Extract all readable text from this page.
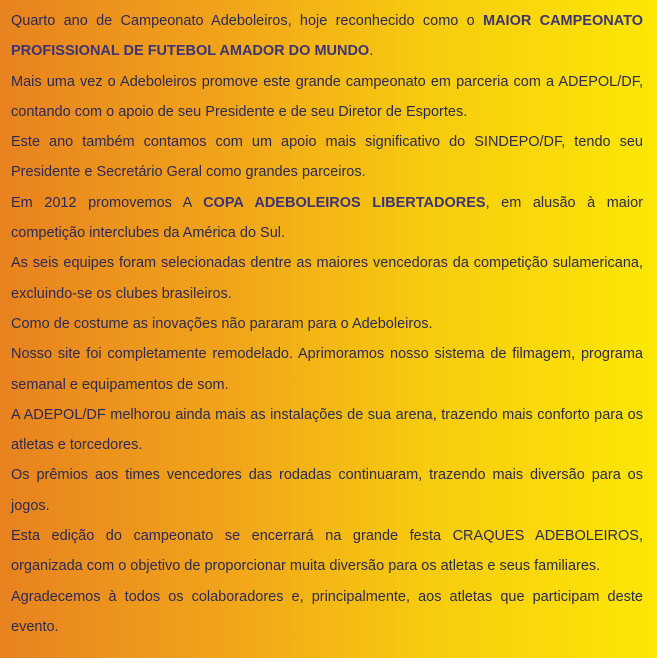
Quarto ano de Campeonato Adeboleiros, hoje reconhecido como o MAIOR CAMPEONATO PROFISSIONAL DE FUTEBOL AMADOR DO MUNDO.

Mais uma vez o Adeboleiros promove este grande campeonato em parceria com a ADEPOL/DF, contando com o apoio de seu Presidente e de seu Diretor de Esportes.

Este ano também contamos com um apoio mais significativo do SINDEPO/DF, tendo seu Presidente e Secretário Geral como grandes parceiros.

Em 2012 promovemos A COPA ADEBOLEIROS LIBERTADORES, em alusão à maior competição interclubes da América do Sul.

As seis equipes foram selecionadas dentre as maiores vencedoras da competição sulamericana, excluindo-se os clubes brasileiros.

Como de costume as inovações não pararam para o Adeboleiros.

Nosso site foi completamente remodelado. Aprimoramos nosso sistema de filmagem, programa semanal e equipamentos de som.

A ADEPOL/DF melhorou ainda mais as instalações de sua arena, trazendo mais conforto para os atletas e torcedores.

Os prêmios aos times vencedores das rodadas continuaram, trazendo mais diversão para os jogos.

Esta edição do campeonato se encerrará na grande festa CRAQUES ADEBOLEIROS, organizada com o objetivo de proporcionar muita diversão para os atletas e seus familiares.

Agradecemos à todos os colaboradores e, principalmente, aos atletas que participam deste evento.
